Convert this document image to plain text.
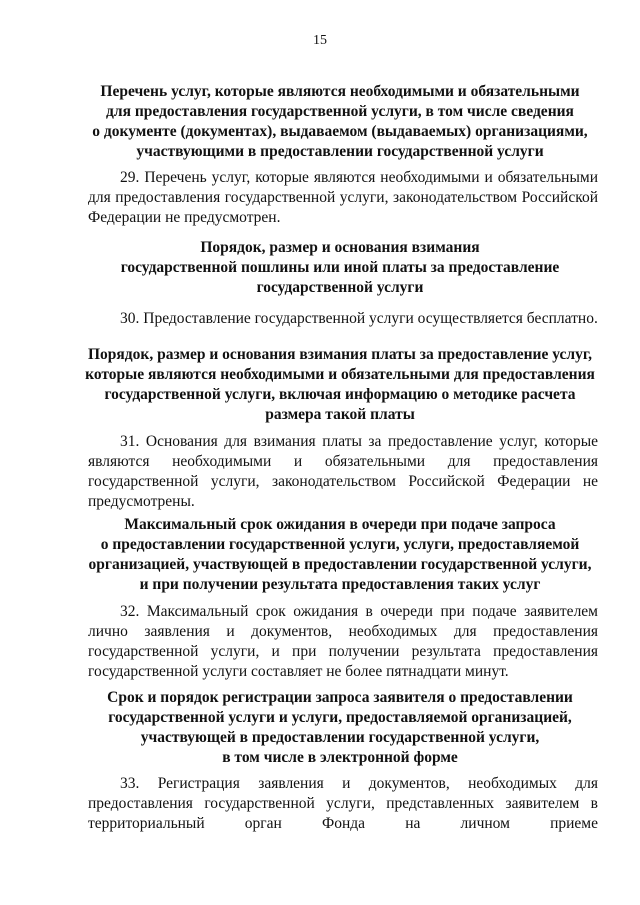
15
Перечень услуг, которые являются необходимыми и обязательными
для предоставления государственной услуги, в том числе сведения
о документе (документах), выдаваемом (выдаваемых) организациями,
участвующими в предоставлении государственной услуги

29. Перечень услуг, которые являются необходимыми и обязательными для предоставления государственной услуги, законодательством Российской Федерации не предусмотрен.

Порядок, размер и основания взимания
государственной пошлины или иной платы за предоставление
государственной услуги

30. Предоставление государственной услуги осуществляется бесплатно.

Порядок, размер и основания взимания платы за предоставление услуг,
которые являются необходимыми и обязательными для предоставления
государственной услуги, включая информацию о методике расчета
размера такой платы

31. Основания для взимания платы за предоставление услуг, которые являются необходимыми и обязательными для предоставления государственной услуги, законодательством Российской Федерации не предусмотрены.

Максимальный срок ожидания в очереди при подаче запроса
о предоставлении государственной услуги, услуги, предоставляемой
организацией, участвующей в предоставлении государственной услуги,
и при получении результата предоставления таких услуг

32. Максимальный срок ожидания в очереди при подаче заявителем лично заявления и документов, необходимых для предоставления государственной услуги, и при получении результата предоставления государственной услуги составляет не более пятнадцати минут.

Срок и порядок регистрации запроса заявителя о предоставлении
государственной услуги и услуги, предоставляемой организацией,
участвующей в предоставлении государственной услуги,
в том числе в электронной форме

33. Регистрация заявления и документов, необходимых для предоставления государственной услуги, представленных заявителем в территориальный орган Фонда на личном приеме
